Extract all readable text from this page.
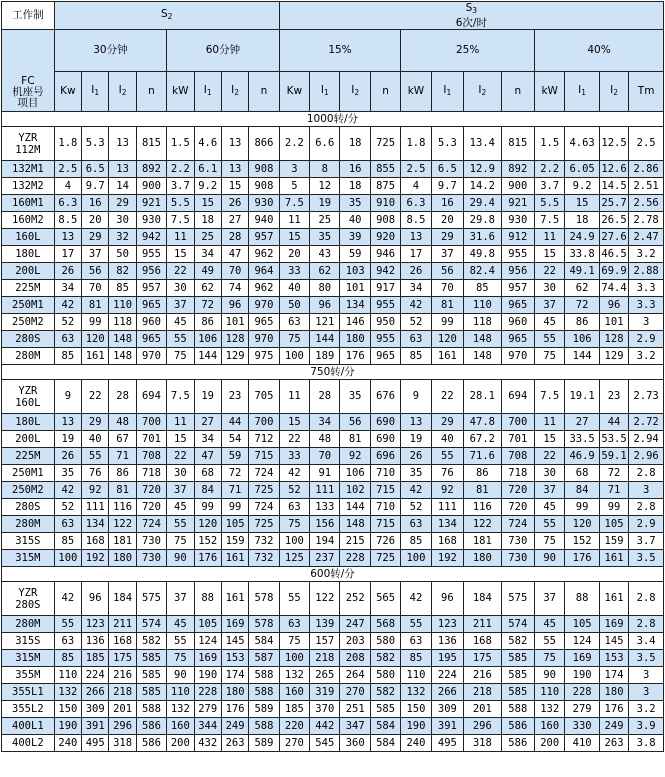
工作制	$S_2$								$S_3$
6次/时											

FC
机座号
项目	30分钟				60分钟				15%				25%				40%			
	Kw	$I_1$	$I_2$	n	kW	$I_1$	$I_2$	n	Kw	$I_1$	$I_2$	n	kW	$I_1$	$I_2$	n	kW	$I_1$	$I_2$	Tm
1000转/分																				

YZR
112M	1.8	5.3	13	815	1.5	4.6	13	866	2.2	6.6	18	725	1.8	5.3	13.4	815	1.5	4.63	12.5	2.5
132M1	2.5	6.5	13	892	2.2	6.1	13	908	3	8	16	855	2.5	6.5	12.9	892	2.2	6.05	12.6	2.86
132M2	4	9.7	14	900	3.7	9.2	15	908	5	12	18	875	4	9.7	14.2	900	3.7	9.2	14.5	2.51
160M1	6.3	16	29	921	5.5	15	26	930	7.5	19	35	910	6.3	16	29.4	921	5.5	15	25.7	2.56
160M2	8.5	20	30	930	7.5	18	27	940	11	25	40	908	8.5	20	29.8	930	7.5	18	26.5	2.78
160L	13	29	32	942	11	25	28	957	15	35	39	920	13	29	31.6	912	11	24.9	27.6	2.47
180L	17	37	50	955	15	34	47	962	20	43	59	946	17	37	49.8	955	15	33.8	46.5	3.2
200L	26	56	82	956	22	49	70	964	33	62	103	942	26	56	82.4	956	22	49.1	69.9	2.88
225M	34	70	85	957	30	62	74	962	40	80	101	917	34	70	85	957	30	62	74.4	3.3
250M1	42	81	110	965	37	72	96	970	50	96	134	955	42	81	110	965	37	72	96	3.3
250M2	52	99	118	960	45	86	101	965	63	121	146	950	52	99	118	960	45	86	101	3
280S	63	120	148	965	55	106	128	970	75	144	180	955	63	120	148	965	55	106	128	2.9
280M	85	161	148	970	75	144	129	975	100	189	176	965	85	161	148	970	75	144	129	3.2
750转/分																				

YZR
160L	9	22	28	694	7.5	19	23	705	11	28	35	676	9	22	28.1	694	7.5	19.1	23	2.73
180L	13	29	48	700	11	27	44	700	15	34	56	690	13	29	47.8	700	11	27	44	2.72
200L	19	40	67	701	15	34	54	712	22	48	81	690	19	40	67.2	701	15	33.5	53.5	2.94
225M	26	55	71	708	22	47	59	715	33	70	92	696	26	55	71.6	708	22	46.9	59.1	2.96
250M1	35	76	86	718	30	68	72	724	42	91	106	710	35	76	86	718	30	68	72	2.8
250M2	42	92	81	720	37	84	71	725	52	111	102	715	42	92	81	720	37	84	71	3
280S	52	111	116	720	45	99	99	724	63	133	144	710	52	111	116	720	45	99	99	2.8
280M	63	134	122	724	55	120	105	725	75	156	148	715	63	134	122	724	55	120	105	2.9
315S	85	168	181	730	75	152	159	732	100	194	215	726	85	168	181	730	75	152	159	3.7
315M	100	192	180	730	90	176	161	732	125	237	228	725	100	192	180	730	90	176	161	3.5
600转/分																				

YZR
280S	42	96	184	575	37	88	161	578	55	122	252	565	42	96	184	575	37	88	161	2.8
280M	55	123	211	574	45	105	169	578	63	139	247	568	55	123	211	574	45	105	169	2.8
315S	63	136	168	582	55	124	145	584	75	157	203	580	63	136	168	582	55	124	145	3.4
315M	85	185	175	585	75	169	153	587	100	218	208	582	85	195	175	585	75	169	153	3.5
355M	110	224	216	585	90	190	174	588	132	265	264	580	110	224	216	585	90	190	174	3
355L1	132	266	218	585	110	228	180	588	160	319	270	582	132	266	218	585	110	228	180	3
355L2	150	309	201	588	132	279	176	589	185	370	251	585	150	309	201	588	132	279	176	3.2
400L1	190	391	296	586	160	344	249	588	220	442	347	584	190	391	296	586	160	330	249	3.9
400L2	240	495	318	586	200	432	263	589	270	545	360	584	240	495	318	586	200	410	263	3.8
